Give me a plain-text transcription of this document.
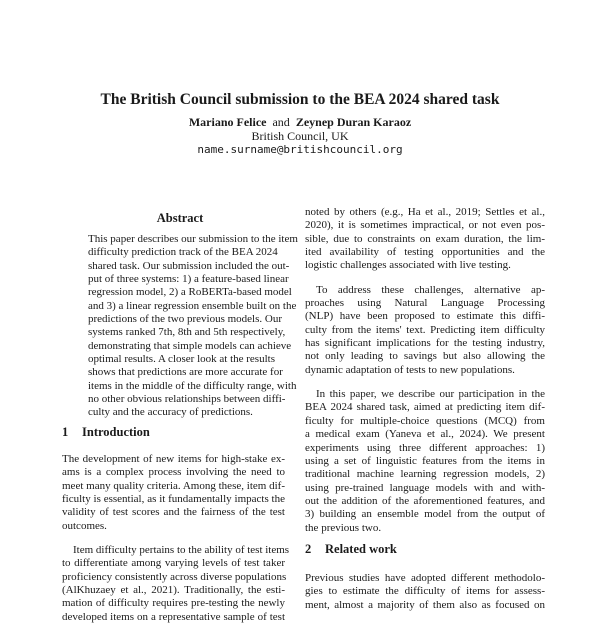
The British Council submission to the BEA 2024 shared task
Mariano Felice and Zeynep Duran Karaoz
British Council, UK
name.surname@britishcouncil.org
Abstract
This paper describes our submission to the item
difficulty prediction track of the BEA 2024
shared task. Our submission included the out-
put of three systems: 1) a feature-based linear
regression model, 2) a RoBERTa-based model
and 3) a linear regression ensemble built on the
predictions of the two previous models. Our
systems ranked 7th, 8th and 5th respectively,
demonstrating that simple models can achieve
optimal results. A closer look at the results
shows that predictions are more accurate for
items in the middle of the difficulty range, with
no other obvious relationships between diffi-
culty and the accuracy of predictions.
1 Introduction
The development of new items for high-stake ex-
ams is a complex process involving the need to
meet many quality criteria. Among these, item dif-
ficulty is essential, as it fundamentally impacts the
validity of test scores and the fairness of the test
outcomes.
Item difficulty pertains to the ability of test items
to differentiate among varying levels of test taker
proficiency consistently across diverse populations
(AlKhuzaey et al., 2021). Traditionally, the esti-
mation of difficulty requires pre-testing the newly
developed items on a representative sample of test
noted by others (e.g., Ha et al., 2019; Settles et al.,
2020), it is sometimes impractical, or not even pos-
sible, due to constraints on exam duration, the lim-
ited availability of testing opportunities and the
logistic challenges associated with live testing.
To address these challenges, alternative ap-
proaches using Natural Language Processing
(NLP) have been proposed to estimate this diffi-
culty from the items' text. Predicting item difficulty
has significant implications for the testing industry,
not only leading to savings but also allowing the
dynamic adaptation of tests to new populations.
In this paper, we describe our participation in the
BEA 2024 shared task, aimed at predicting item dif-
ficulty for multiple-choice questions (MCQ) from
a medical exam (Yaneva et al., 2024). We present
experiments using three different approaches: 1)
using a set of linguistic features from the items in
traditional machine learning regression models, 2)
using pre-trained language models with and with-
out the addition of the aforementioned features, and
3) building an ensemble model from the output of
the previous two.
2 Related work
Previous studies have adopted different methodolo-
gies to estimate the difficulty of items for assess-
ment, almost a majority of them also as focused on
